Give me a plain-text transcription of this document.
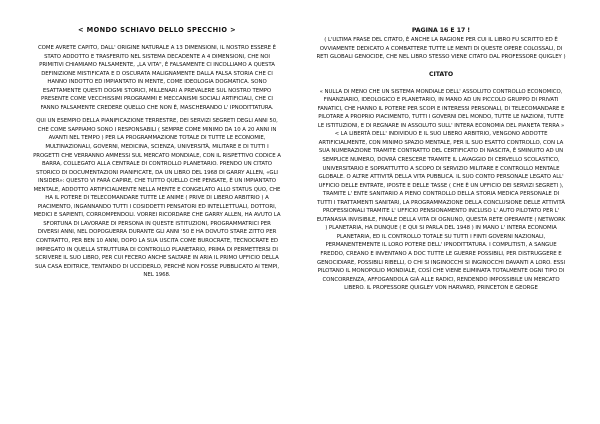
< MONDO SCHIAVO DELLO SPECCHIO >
COME AVRETE CAPITO, DALL' ORIGINE NATURALE A 13 DIMENSIONI, IL NOSTRO ESSERE È STATO ADDOTTO E TRASFERITO NEL SISTEMA DECADENTE A 4 DIMENSIONI, CHE NOI PRIMITIVI CHIAMIAMO FALSAMENTE, „LA VITA", È FALSAMENTE CI INCOLLIAMO A QUESTA DEFINIZIONE MISTIFICATA E D OSCURATA MALIGNAMENTE DALLA FALSA STORIA CHE CI HANNO INDOTTO ED IMPIANTATO IN MENTE, COME IDEOLOGIA DOGMATICA. SONO ESATTAMENTE QUESTI DOGMI STORICI, MILLENARI A PREVALERE SUL NOSTRO TEMPO PRESENTE COME VECCHISSIMI PROGRAMMI E MECCANISMI SOCIALI ARTIFICIALI, CHE CI FANNO FALSAMENTE CREDERE QUELLO CHE NON È, MASCHERANDO L' IPNODITTATURA.
QUI UN ESEMPIO DELLA PIANIFICAZIONE TERRESTRE, DEI SERVIZI SEGRETI DEGLI ANNI 50, CHE COME SAPPIAMO SONO I RESPONSABILI ( SEMPRE COME MINIMO DA 10 A 20 ANNI IN AVANTI NEL TEMPO ) PER LA PROGRAMMAZIONE TOTALE DI TUTTE LE ECONOMIE, MULTINAZIONALI, GOVERNI, MEDICINA, SCIENZA, UNIVERSITÀ, MILITARE E DI TUTTI I PROGETTI CHE VERRANNO AMMESSI SUL MERCATO MONDIALE, CON IL RISPETTIVO CODICE A BARRA, COLLEGATO ALLA CENTRALE DI CONTROLLO PLANETARIO. PRENDO UN CITATO STORICO DI DOCUMENTAZIONI PIANIFICATE, DA UN LIBRO DEL 1968 DI GARRY ALLEN, «GLI INSIDER»: QUESTO VI FARÀ CAPIRE, CHE TUTTO QUELLO CHE PENSATE, È UN IMPIANTATO MENTALE, ADDOTTO ARTIFICIALMENTE NELLA MENTE E CONGELATO ALLO STATUS QUO, CHE HA IL POTERE DI TELECOMANDARE TUTTE LE ANIME ( PRIVE DI LIBERO ARBITRIO ) A PIACIMENTO, INGANNANDO TUTTI I COSIDDETTI PENSATORI ED INTELLETTUALI, DOTTORI, MEDICI E SAPIENTI, CORROMPENDOLI. VORREI RICORDARE CHE GARRY ALLEN, HA AVUTO LA SFORTUNA DI LAVORARE DI PERSONA IN QUESTE ISTITUZIONI, PROGRAMMATRICI PER DIVERSI ANNI, NEL DOPOGUERRA DURANTE GLI ANNI '50 E HA DOVUTO STARE ZITTO PER CONTRATTO, PER BEN 10 ANNI, DOPO LA SUA USCITA COME BUROCRATE, TECNOCRATE ED IMPIEGATO IN QUELLA STRUTTURA DI CONTROLLO PLANETARIO, PRIMA DI PERMETTERSI DI SCRIVERE IL SUO LIBRO, PER CUI FECERO ANCHE SALTARE IN ARIA IL PRIMO UFFICIO DELLA SUA CASA EDITRICE, TENTANDO DI UCCIDERLO, PERCHÉ NON FOSSE PUBBLICATO AI TEMPI, NEL 1968.
PAGINA 16 E 17 !
( L'ULTIMA FRASE DEL CITATO, È ANCHE LA RAGIONE PER CUI IL LIBRO FU SCRITTO ED È OVVIAMENTE DEDICATO A COMBATTERE TUTTE LE MENTI DI QUESTE OPERE COLOSSALI, DI RETI GLOBALI GENOCIDE, CHE NEL LIBRO STESSO VIENE CITATO DAL PROFESSORE QUIGLEY )
CITATO
« NULLA DI MENO CHE UN SISTEMA MONDIALE DELL' ASSOLUTO CONTROLLO ECONOMICO, FINANZIARIO, IDEOLOGICO E PLANETARIO, IN MANO AD UN PICCOLO GRUPPO DI PRIVATI FANATICI, CHE HANNO IL POTERE PER SCOPI E INTERESSI PERSONALI, DI TELECOMANDARE E PILOTARE A PROPRIO PIACIMENTO, TUTTI I GOVERNI DEL MONDO, TUTTE LE NAZIONI, TUTTE LE ISTITUZIONI, E DI REGNARE IN ASSOLUTO SULL' INTERA ECONOMIA DEL PIANETA TERRA » < LA LIBERTÀ DELL' INDIVIDUO E IL SUO LIBERO ARBITRIO, VENGONO ADDOTTE ARTIFICIALMENTE, CON MINIMO SPAZIO MENTALE, PER IL SUO ESATTO CONTROLLO, CON LA SUA NUMERAZIONE TRAMITE CONTRATTO DEL CERTIFICATO DI NASCITA, È SMINUITO AD UN SEMPLICE NUMERO, DOVRÀ CRESCERE TRAMITE IL LAVAGGIO DI CERVELLO SCOLASTICO, UNIVERSITARIO E SOPRATTUTTO A SCOPO DI SERVIZIO MILITARE E CONTROLLO MENTALE GLOBALE. O ALTRE ATTIVITÀ DELLA VITA PUBBLICA. IL SUO CONTO PERSONALE LEGATO ALL' UFFICIO DELLE ENTRATE, IPOSTE E DELLE TASSE ( CHE È UN UFFICIO DEI SERVIZI SEGRETI ), TRAMITE L' ENTE SANITARIO A PIENO CONTROLLO DELLA STORIA MEDICA PERSONALE DI TUTTI I TRATTAMENTI SANITARI, LA PROGRAMMAZIONE DELLA CONCLUSIONE DELLE ATTIVITÀ PROFESSIONALI TRAMITE L' UFFICIO PENSIONAMENTO INCLUSO L' AUTO PILOTATO PER L' EUTANASIA INVISIBILE, FINALE DELLA VITA DI OGNUNO, QUESTA RETE OPERANTE ( NETWORK ) PLANETARIA, HA DUNQUE ( E QUI SI PARLA DEL 1948 ) IN MANO L' INTERA ECONOMIA PLANETARIA, ED IL CONTROLLO TOTALE SU TUTTI I FINTI GOVERNI NAZIONALI, PERMANENTEMENTE IL LORO POTERE DELL' IPNODITTATURA. I COMPLITISTI, A SANGUE FREDDO, CREANO E INVENTANO A DOC TUTTE LE GUERRE POSSIBILI, PER DISTRUGGERE E GENOCIDIARE, POSSIBILI RIBELLI, O CHI SI INGINOCCHI SI INGINOCCHI DAVANTI A LORO. ESSI PILOTANO IL MONOPOLIO MONDIALE, COSÌ CHE VIENE ELIMINATA TOTALMENTE OGNI TIPO DI CONCORRENZA, AFFOGANDOLA GIÀ ALLE RADICI, RENDENDO IMPOSSIBILE UN MERCATO LIBERO. IL PROFESSORE QUIGLEY VON HARVARD, PRINCETON E GEORGE
